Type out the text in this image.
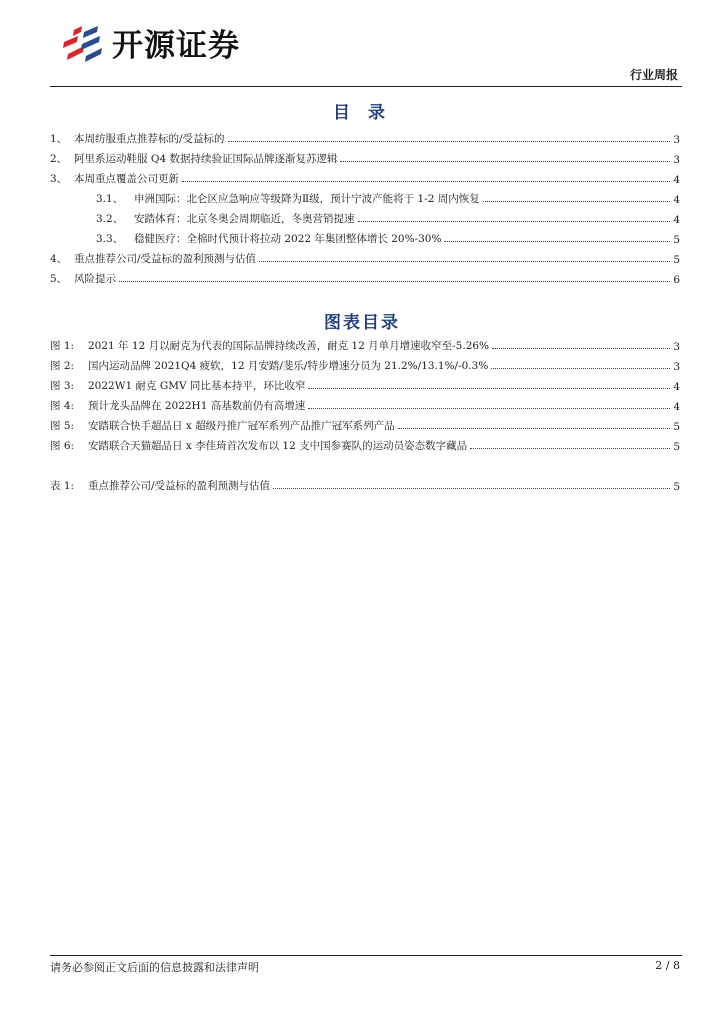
开源证券
行业周报
目 录
1、 本周纺服重点推荐标的/受益标的	3
2、 阿里系运动鞋服 Q4 数据持续验证国际品牌逐渐复苏逻辑	3
3、 本周重点覆盖公司更新	4
3.1、 申洲国际：北仑区应急响应等级降为Ⅱ级，预计宁波产能将于 1-2 周内恢复	4
3.2、 安踏体育：北京冬奥会周期临近，冬奥营销提速	4
3.3、 稳健医疗：全棉时代预计将拉动 2022 年集团整体增长 20%-30%	5
4、 重点推荐公司/受益标的盈利预测与估值	5
5、 风险提示	6
图表目录
图 1:	2021 年 12 月以耐克为代表的国际品牌持续改善，耐克 12 月单月增速收窄至-5.26%	3
图 2:	国内运动品牌 2021Q4 疲软，12 月安踏/斐乐/特步增速分员为 21.2%/13.1%/-0.3%	3
图 3:	2022W1 耐克 GMV 同比基本持平，环比收窄	4
图 4:	预计龙头品牌在 2022H1 高基数前仍有高增速	4
图 5:	安踏联合快手超品日 x 超级丹推广冠军系列产品推广冠军系列产品	5
图 6:	安踏联合天猫超品日 x 李佳琦首次发布以 12 支中国参赛队的运动员姿态数字藏品	5
表 1:	重点推荐公司/受益标的盈利预测与估值	5
请务必参阅正文后面的信息披露和法律声明	2 / 8
